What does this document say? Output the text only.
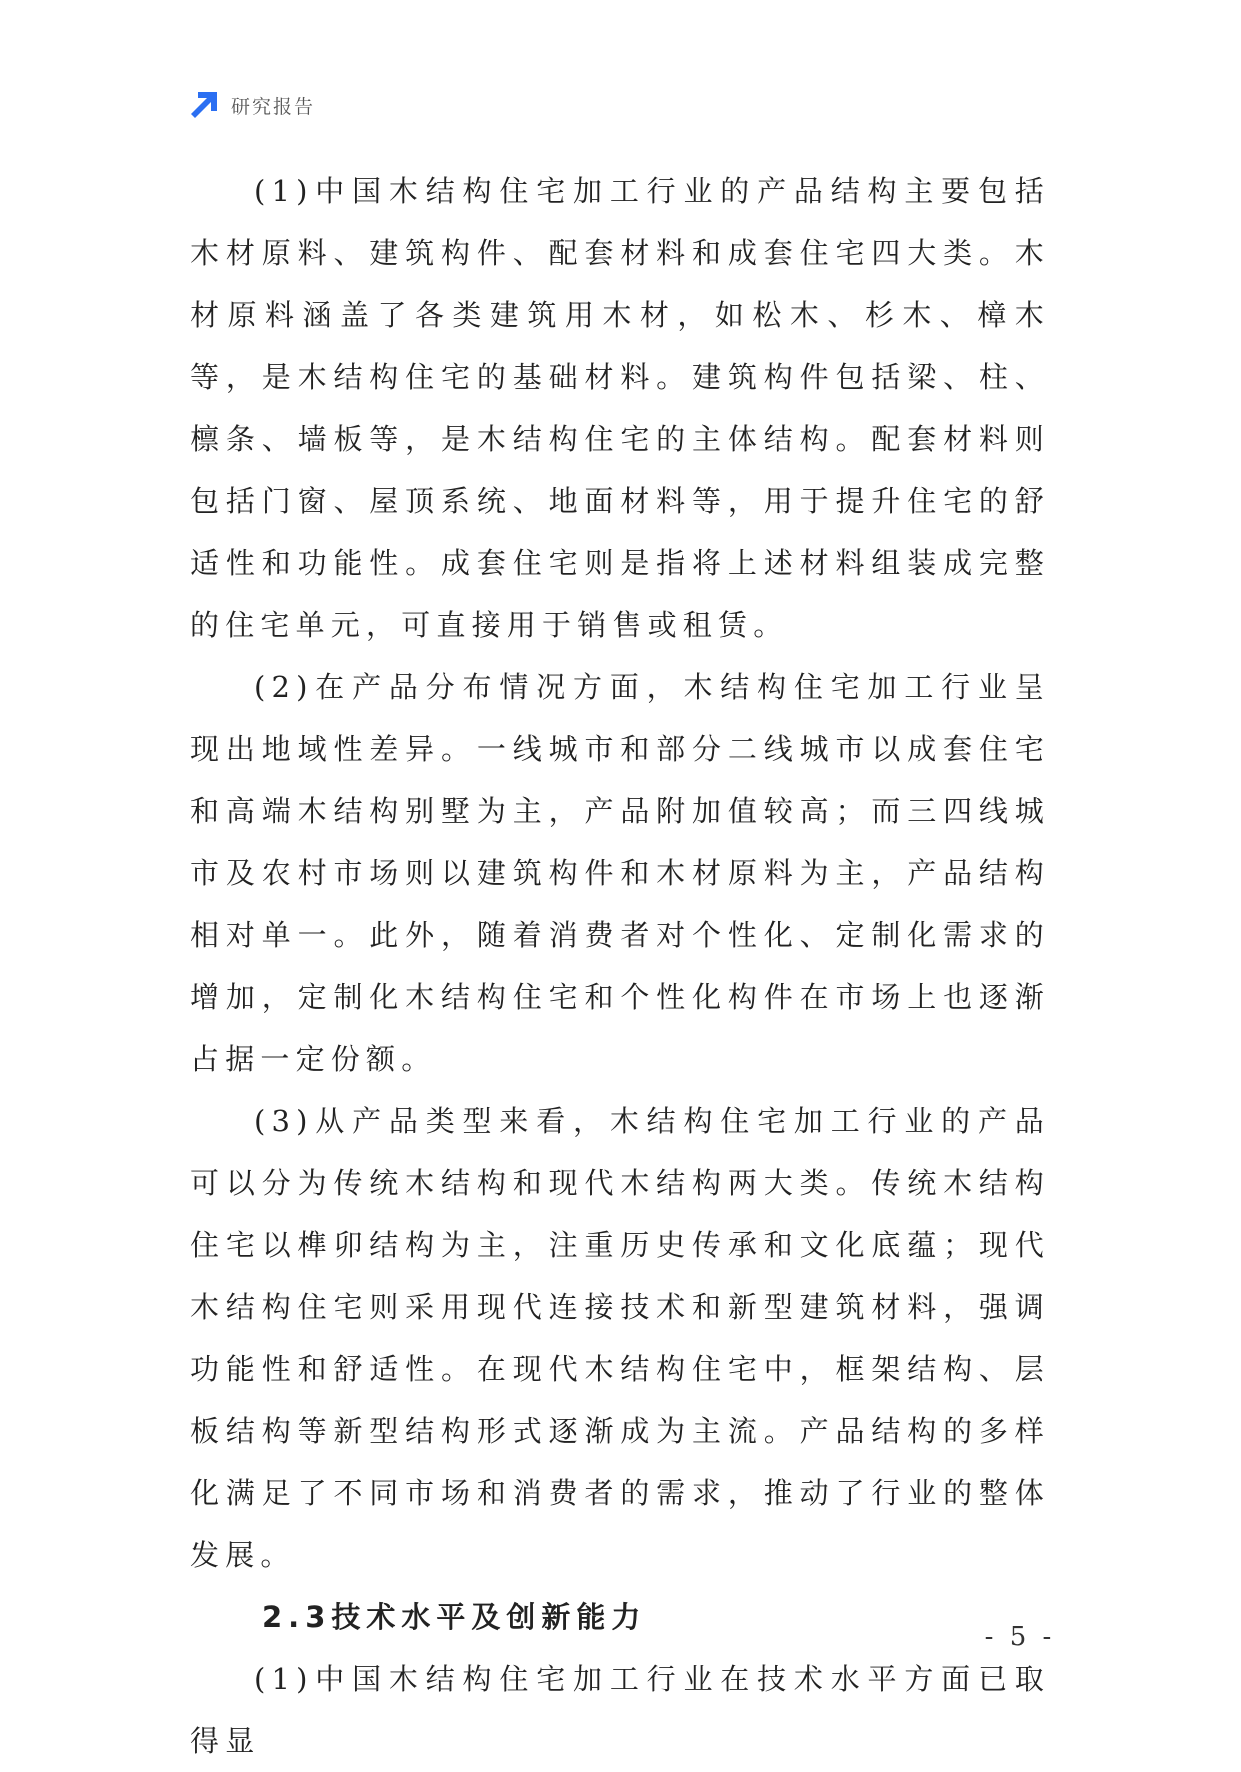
研究报告

(1)中国木结构住宅加工行业的产品结构主要包括木材原料、建筑构件、配套材料和成套住宅四大类。木材原料涵盖了各类建筑用木材，如松木、杉木、樟木等，是木结构住宅的基础材料。建筑构件包括梁、柱、檩条、墙板等，是木结构住宅的主体结构。配套材料则包括门窗、屋顶系统、地面材料等，用于提升住宅的舒适性和功能性。成套住宅则是指将上述材料组装成完整的住宅单元，可直接用于销售或租赁。

(2)在产品分布情况方面，木结构住宅加工行业呈现出地域性差异。一线城市和部分二线城市以成套住宅和高端木结构别墅为主，产品附加值较高；而三四线城市及农村市场则以建筑构件和木材原料为主，产品结构相对单一。此外，随着消费者对个性化、定制化需求的增加，定制化木结构住宅和个性化构件在市场上也逐渐占据一定份额。

(3)从产品类型来看，木结构住宅加工行业的产品可以分为传统木结构和现代木结构两大类。传统木结构住宅以榫卯结构为主，注重历史传承和文化底蕴；现代木结构住宅则采用现代连接技术和新型建筑材料，强调功能性和舒适性。在现代木结构住宅中，框架结构、层板结构等新型结构形式逐渐成为主流。产品结构的多样化满足了不同市场和消费者的需求，推动了行业的整体发展。

2.3技术水平及创新能力

(1)中国木结构住宅加工行业在技术水平方面已取得显

- 5 -
